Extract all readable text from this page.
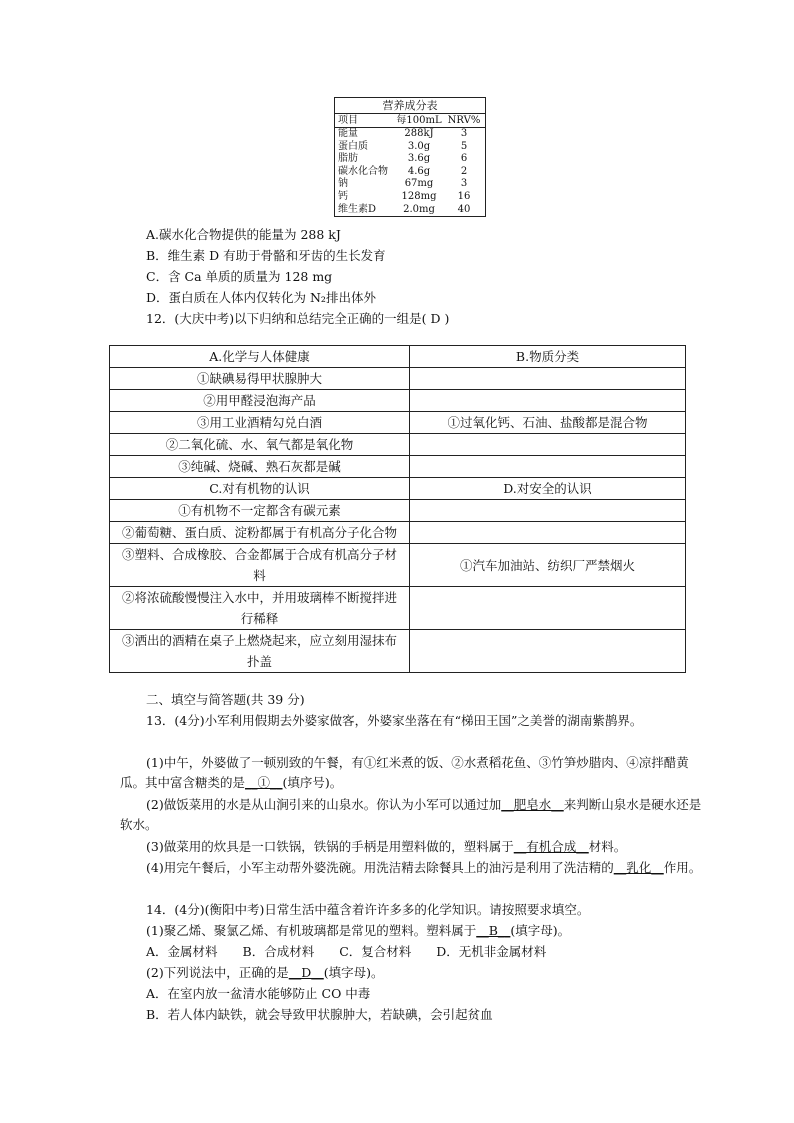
营养成分表
项目	每100mL NRV%
能量	288kJ	3
蛋白质	3.0g	5
脂肪	3.6g	6
碳水化合物	4.6g	2
钠	67mg	3
钙	128mg	16
维生素D	2.0mg	40
A.碳水化合物提供的能量为 288 kJ
B．维生素 D 有助于骨骼和牙齿的生长发育
C．含 Ca 单质的质量为 128 mg
D．蛋白质在人体内仅转化为 N₂排出体外
12．(大庆中考)以下归纳和总结完全正确的一组是( D )
A.化学与人体健康	B.物质分类
①缺碘易得甲状腺肿大	
②用甲醛浸泡海产品	
③用工业酒精勾兑白酒	①过氧化钙、石油、盐酸都是混合物
②二氧化硫、水、氧气都是氧化物	
③纯碱、烧碱、熟石灰都是碱	
C.对有机物的认识	D.对安全的认识
①有机物不一定都含有碳元素	
②葡萄糖、蛋白质、淀粉都属于有机高分子化合物	
③塑料、合成橡胶、合金都属于合成有机高分子材料	①汽车加油站、纺织厂严禁烟火
②将浓硫酸慢慢注入水中，并用玻璃棒不断搅拌进行稀释	
③洒出的酒精在桌子上燃烧起来，应立刻用湿抹布扑盖	
二、填空与简答题(共 39 分)
13．(4分)小军利用假期去外婆家做客，外婆家坐落在有“梯田王国”之美誉的湖南紫鹊界。
(1)中午，外婆做了一顿别致的午餐，有①红米煮的饭、②水煮稻花鱼、③竹笋炒腊肉、④凉拌醋黄瓜。其中富含糖类的是__①__(填序号)。
(2)做饭菜用的水是从山涧引来的山泉水。你认为小军可以通过加__肥皂水__来判断山泉水是硬水还是软水。
(3)做菜用的炊具是一口铁锅，铁锅的手柄是用塑料做的，塑料属于__有机合成__材料。
(4)用完午餐后，小军主动帮外婆洗碗。用洗洁精去除餐具上的油污是利用了洗洁精的__乳化__作用。
14．(4分)(衡阳中考)日常生活中蕴含着许许多多的化学知识。请按照要求填空。
(1)聚乙烯、聚氯乙烯、有机玻璃都是常见的塑料。塑料属于__B__(填字母)。
A．金属材料　　B．合成材料　　C．复合材料　　D．无机非金属材料
(2)下列说法中，正确的是__D__(填字母)。
A．在室内放一盆清水能够防止 CO 中毒
B．若人体内缺铁，就会导致甲状腺肿大，若缺碘，会引起贫血
